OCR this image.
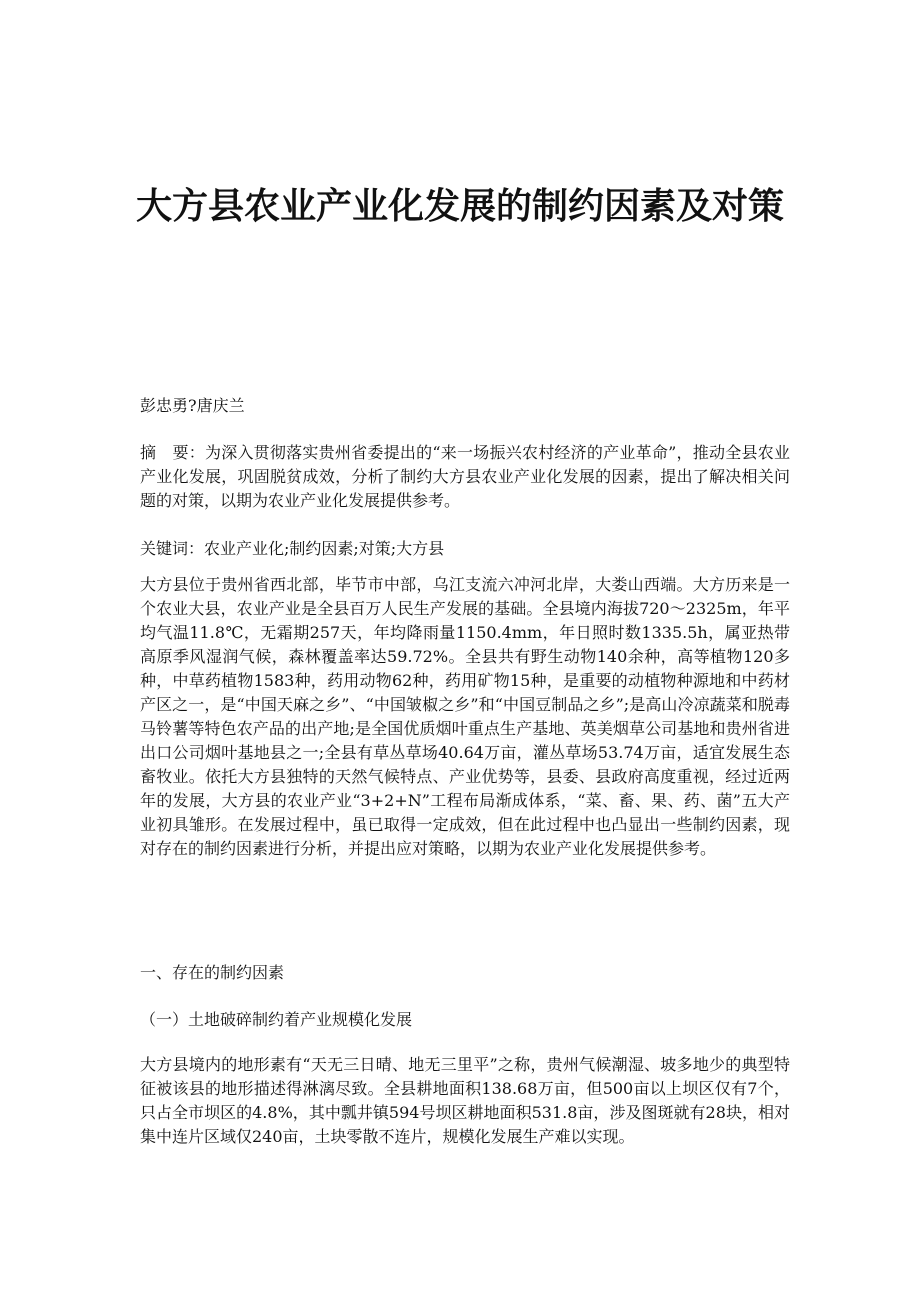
大方县农业产业化发展的制约因素及对策

彭忠勇?唐庆兰

摘　要：为深入贯彻落实贵州省委提出的“来一场振兴农村经济的产业革命”，推动全县农业产业化发展，巩固脱贫成效，分析了制约大方县农业产业化发展的因素，提出了解决相关问题的对策，以期为农业产业化发展提供参考。

关键词：农业产业化;制约因素;对策;大方县

大方县位于贵州省西北部，毕节市中部，乌江支流六冲河北岸，大娄山西端。大方历来是一个农业大县，农业产业是全县百万人民生产发展的基础。全县境内海拔720～2325m，年平均气温11.8℃，无霜期257天，年均降雨量1150.4mm，年日照时数1335.5h，属亚热带高原季风湿润气候，森林覆盖率达59.72%。全县共有野生动物140余种，高等植物120多种，中草药植物1583种，药用动物62种，药用矿物15种，是重要的动植物种源地和中药材产区之一，是“中国天麻之乡”、“中国皱椒之乡”和“中国豆制品之乡”;是高山冷凉蔬菜和脱毒马铃薯等特色农产品的出产地;是全国优质烟叶重点生产基地、英美烟草公司基地和贵州省进出口公司烟叶基地县之一;全县有草丛草场40.64万亩，灌丛草场53.74万亩，适宜发展生态畜牧业。依托大方县独特的天然气候特点、产业优势等，县委、县政府高度重视，经过近两年的发展，大方县的农业产业“3+2+N”工程布局渐成体系，“菜、畜、果、药、菌”五大产业初具雏形。在发展过程中，虽已取得一定成效，但在此过程中也凸显出一些制约因素，现对存在的制约因素进行分析，并提出应对策略，以期为农业产业化发展提供参考。

一、存在的制约因素

（一）土地破碎制约着产业规模化发展

大方县境内的地形素有“天无三日晴、地无三里平”之称，贵州气候潮湿、坡多地少的典型特征被该县的地形描述得淋漓尽致。全县耕地面积138.68万亩，但500亩以上坝区仅有7个，只占全市坝区的4.8%，其中瓢井镇594号坝区耕地面积531.8亩，涉及图斑就有28块，相对集中连片区域仅240亩，土块零散不连片，规模化发展生产难以实现。
